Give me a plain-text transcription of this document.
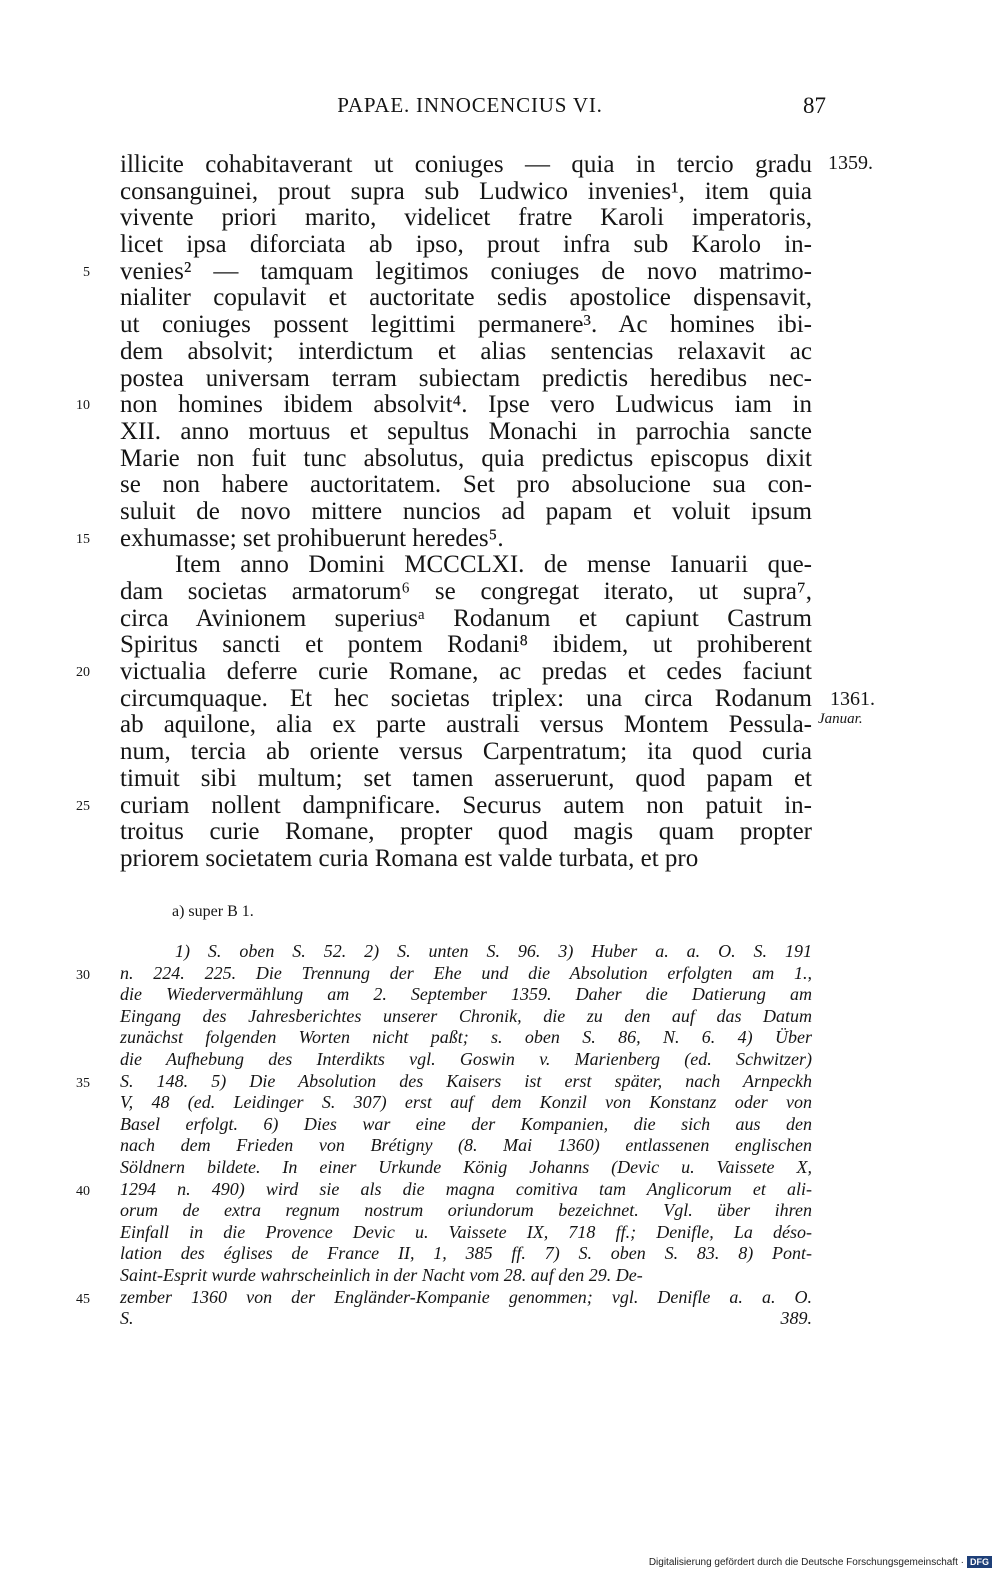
PAPAE. INNOCENCIUS VI.	87
1359.
1361.
Januar.
illicite cohabitaverant ut coniuges — quia in tercio gradu
consanguinei, prout supra sub Ludwico invenies¹, item quia
vivente priori marito, videlicet fratre Karoli imperatoris,
licet ipsa diforciata ab ipso, prout infra sub Karolo in-
5 venies² — tamquam legitimos coniuges de novo matrimo-
nialiter copulavit et auctoritate sedis apostolice dispensavit,
ut coniuges possent legittimi permanere³. Ac homines ibi-
dem absolvit; interdictum et alias sentencias relaxavit ac
postea universam terram subiectam predictis heredibus nec-
10 non homines ibidem absolvit⁴. Ipse vero Ludwicus iam in
XII. anno mortuus et sepultus Monachi in parrochia sancte
Marie non fuit tunc absolutus, quia predictus episcopus dixit
se non habere auctoritatem. Set pro absolucione sua con-
suluit de novo mittere nuncios ad papam et voluit ipsum
15 exhumasse; set prohibuerunt heredes⁵.
Item anno Domini MCCCLXI. de mense Ianuarii que-
dam societas armatorum⁶ se congregat iterato, ut supra⁷,
circa Avinionem superiusᵃ Rodanum et capiunt Castrum
Spiritus sancti et pontem Rodani⁸ ibidem, ut prohiberent
20 victualia deferre curie Romane, ac predas et cedes faciunt
circumquaque. Et hec societas triplex: una circa Rodanum
ab aquilone, alia ex parte australi versus Montem Pessula-
num, tercia ab oriente versus Carpentratum; ita quod curia
timuit sibi multum; set tamen asseruerunt, quod papam et
25 curiam nollent dampnificare. Securus autem non patuit in-
troitus curie Romane, propter quod magis quam propter
priorem societatem curia Romana est valde turbata, et pro
a) super B 1.
1) S. oben S. 52. 2) S. unten S. 96. 3) Huber a. a. O. S. 191
30 n. 224. 225. Die Trennung der Ehe und die Absolution erfolgten am 1.,
die Wiedervermählung am 2. September 1359. Daher die Datierung am
Eingang des Jahresberichtes unserer Chronik, die zu den auf das Datum
zunächst folgenden Worten nicht paßt; s. oben S. 86, N. 6. 4) Über
die Aufhebung des Interdikts vgl. Goswin v. Marienberg (ed. Schwitzer)
35 S. 148. 5) Die Absolution des Kaisers ist erst später, nach Arnpeckh
V, 48 (ed. Leidinger S. 307) erst auf dem Konzil von Konstanz oder von
Basel erfolgt. 6) Dies war eine der Kompanien, die sich aus den
nach dem Frieden von Brétigny (8. Mai 1360) entlassenen englischen
Söldnern bildete. In einer Urkunde König Johanns (Devic u. Vaissete X,
40 1294 n. 490) wird sie als die magna comitiva tam Anglicorum et ali-
orum de extra regnum nostrum oriundorum bezeichnet. Vgl. über ihren
Einfall in die Provence Devic u. Vaissete IX, 718 ff.; Denifle, La déso-
lation des églises de France II, 1, 385 ff. 7) S. oben S. 83. 8) Pont-
Saint-Esprit wurde wahrscheinlich in der Nacht vom 28. auf den 29. De-
45 zember 1360 von der Engländer-Kompanie genommen; vgl. Denifle a. a. O.
S. 389.
Digitalisierung gefördert durch die Deutsche Forschungsgemeinschaft · DFG
